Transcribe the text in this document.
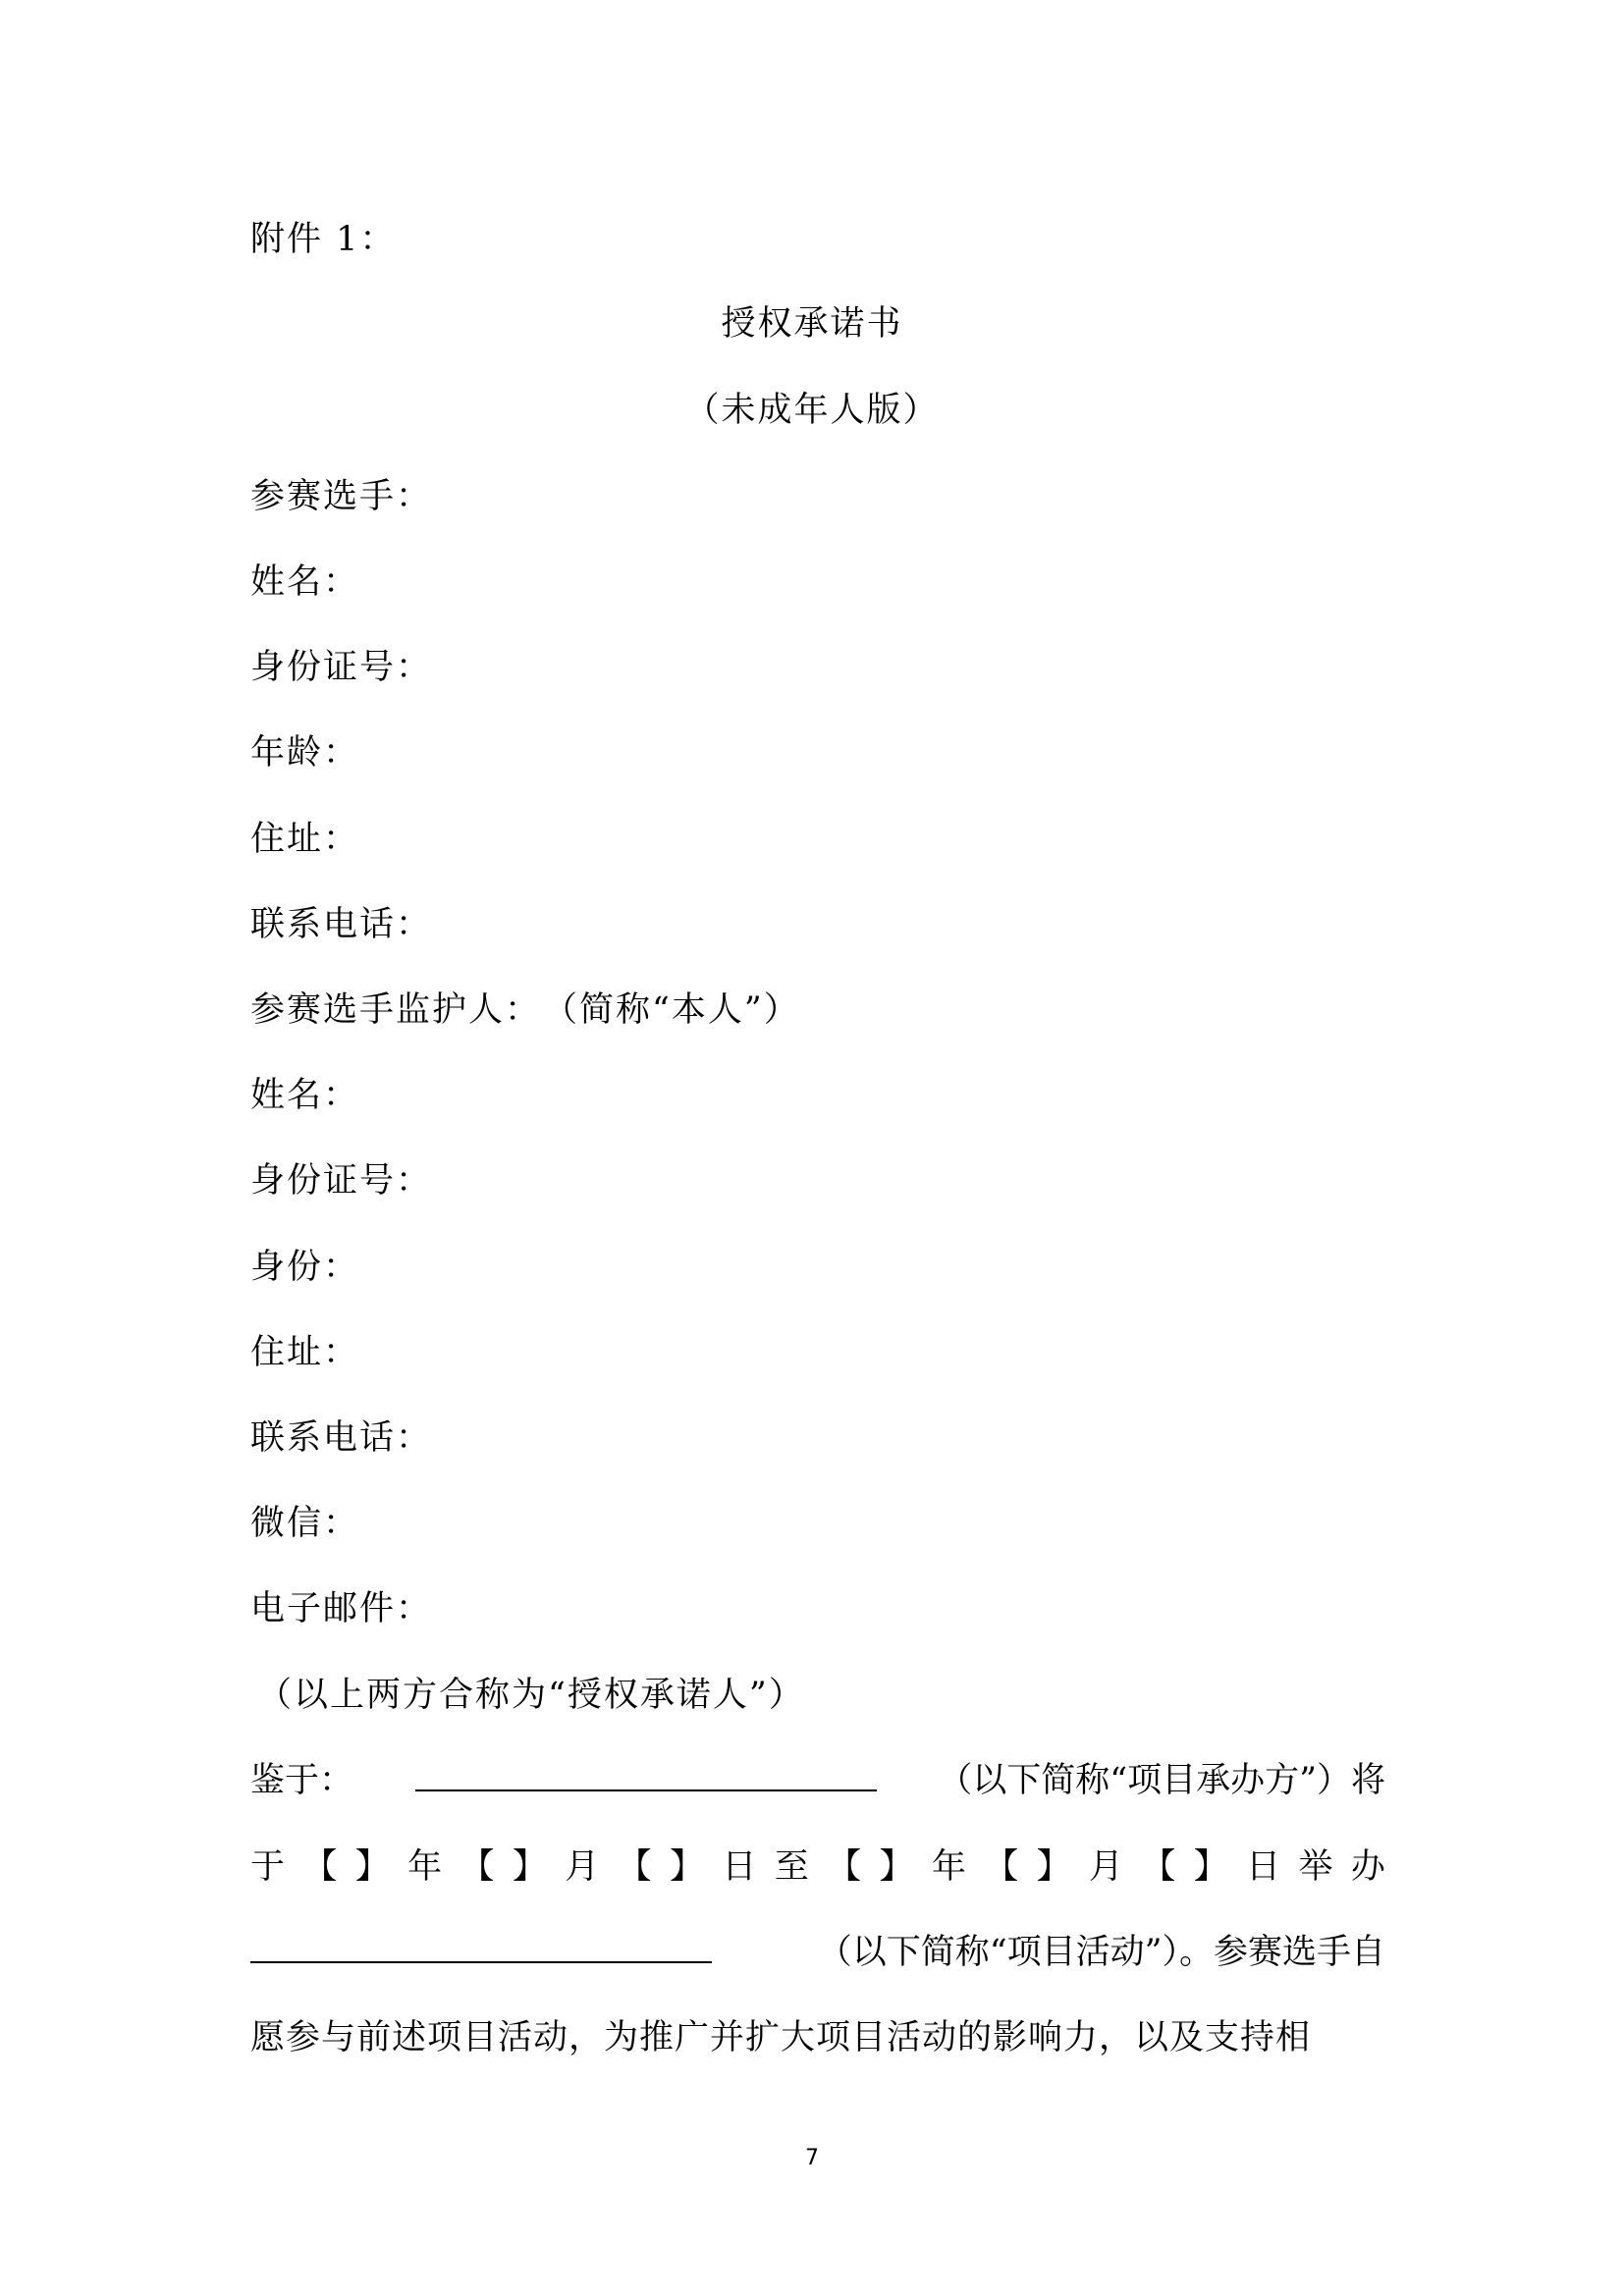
附件 1：

授权承诺书

（未成年人版）

参赛选手：

姓名：

身份证号：

年龄：

住址：

联系电话：

参赛选手监护人：　（简称“本人”）

姓名：

身份证号：

身份：

住址：

联系电话：

微信：

电子邮件：

（以上两方合称为“授权承诺人”）

鉴于：	（以下简称“项目承办方”）将
于 【 】 年 【 】 月 【 】 日 至 【 】 年 【 】 月 【 】 日 举 办
（以下简称“项目活动”）。参赛选手自

愿参与前述项目活动，为推广并扩大项目活动的影响力，以及支持相

7
